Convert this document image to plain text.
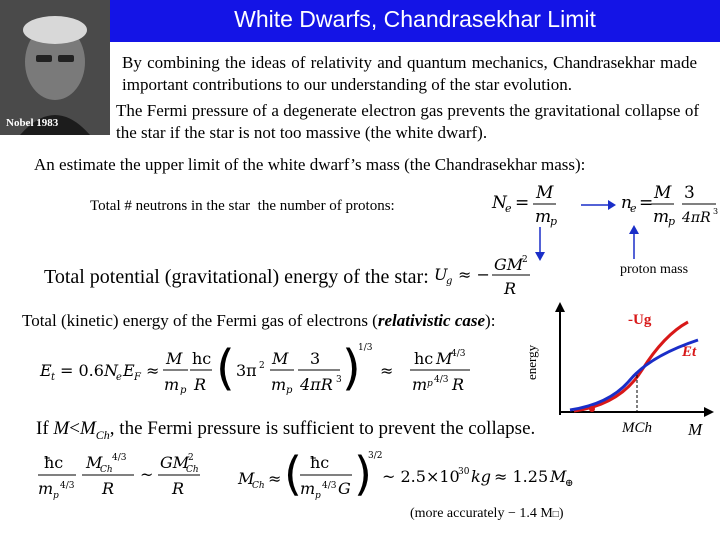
White Dwarfs, Chandrasekhar Limit
Nobel 1983
By combining the ideas of relativity and quantum mechanics, Chandrasekhar made important contributions to our understanding of the star evolution.
The Fermi pressure of a degenerate electron gas prevents the gravitational collapse of the star if the star is not too massive (the white dwarf).
An estimate the upper limit of the white dwarf’s mass (the Chandrasekhar mass):
Total # neutrons in the star  the number of protons:	N
e = M
m
p
n
e = M
m
p
3
4πR 3
proton mass
Total potential (gravitational) energy of the star: U
g ≈ −
GM
2
R
Total (kinetic) energy of the Fermi gas of electrons (relativistic case):
E t = 0.6 N
e E F ≈
M
m p
hc
R ( 3π 2 M
m p
3
4πR 3 )
1/3
≈
hc M
4/3
m p 4/3 R
energy
-Ug
Et
MCh M
If $M<M_{Ch}$, the Fermi pressure is sufficient to prevent the collapse.
ħc
m p
4/3
M
Ch
4/3
R
~
GM
Ch
2
R
M
Ch ≈ ( ħc
m p
4/3 G )
3/2
~ 2.5×10
30 kg ≈ 1.25 M
⊕
(more accurately − 1.4 M□)
